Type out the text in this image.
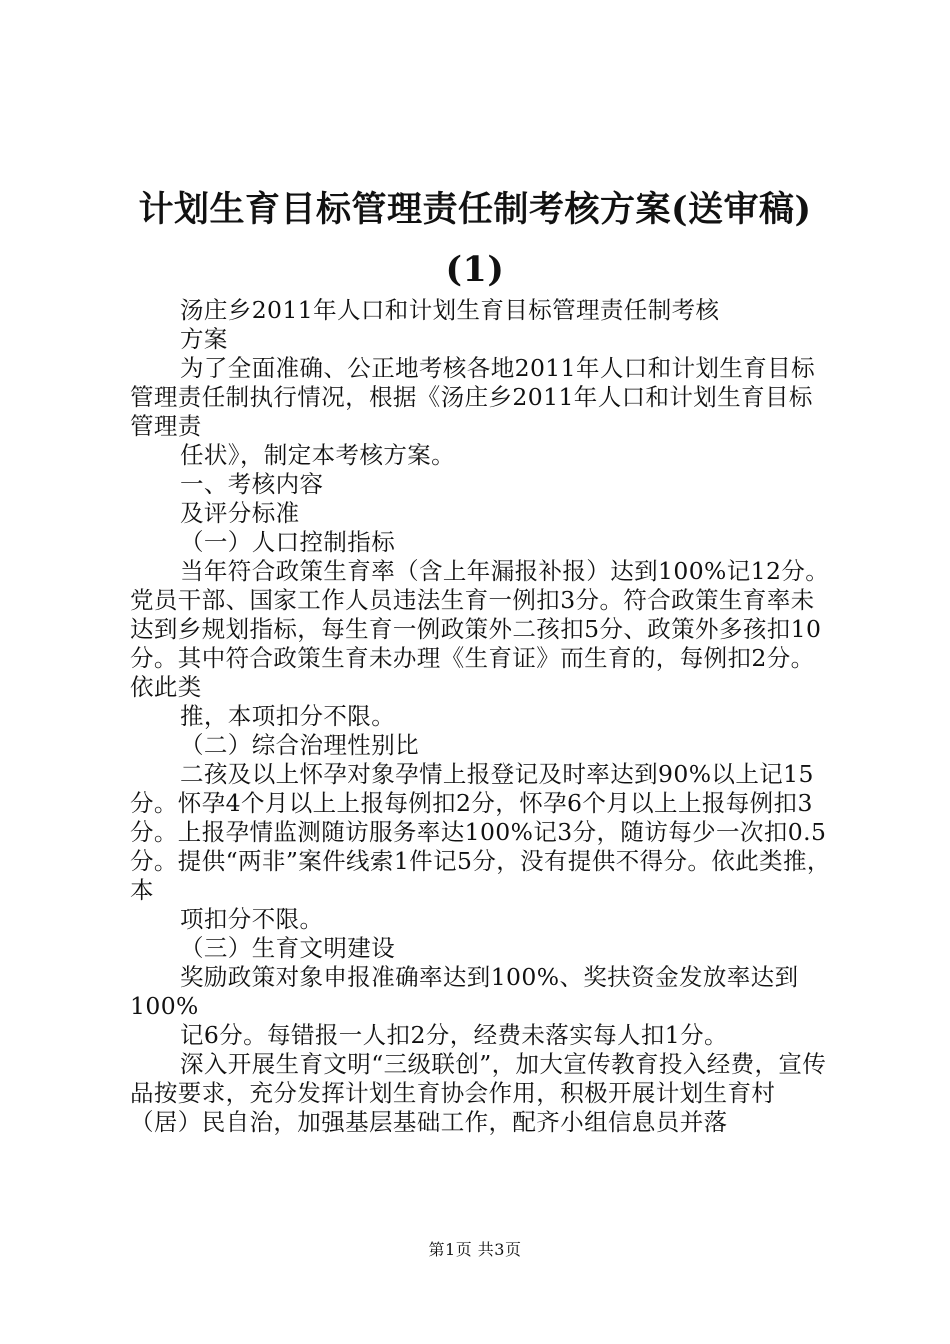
计划生育目标管理责任制考核方案(送审稿)
(1)

汤庄乡2011年人口和计划生育目标管理责任制考核

方案

为了全面准确、公正地考核各地2011年人口和计划生育目标管理责任制执行情况，根据《汤庄乡2011年人口和计划生育目标管理责

任状》，制定本考核方案。

一、考核内容

及评分标准

（一）人口控制指标

当年符合政策生育率（含上年漏报补报）达到100%记12分。党员干部、国家工作人员违法生育一例扣3分。符合政策生育率未达到乡规划指标，每生育一例政策外二孩扣5分、政策外多孩扣10分。其中符合政策生育未办理《生育证》而生育的，每例扣2分。依此类

推，本项扣分不限。

（二）综合治理性别比

二孩及以上怀孕对象孕情上报登记及时率达到90%以上记15分。怀孕4个月以上上报每例扣2分，怀孕6个月以上上报每例扣3分。上报孕情监测随访服务率达100%记3分，随访每少一次扣0.5分。提供“两非”案件线索1件记5分，没有提供不得分。依此类推，本

项扣分不限。

（三）生育文明建设

奖励政策对象申报准确率达到100%、奖扶资金发放率达到100%

记6分。每错报一人扣2分，经费未落实每人扣1分。

深入开展生育文明“三级联创”，加大宣传教育投入经费，宣传品按要求，充分发挥计划生育协会作用，积极开展计划生育村（居）民自治，加强基层基础工作，配齐小组信息员并落

第1页 共3页
